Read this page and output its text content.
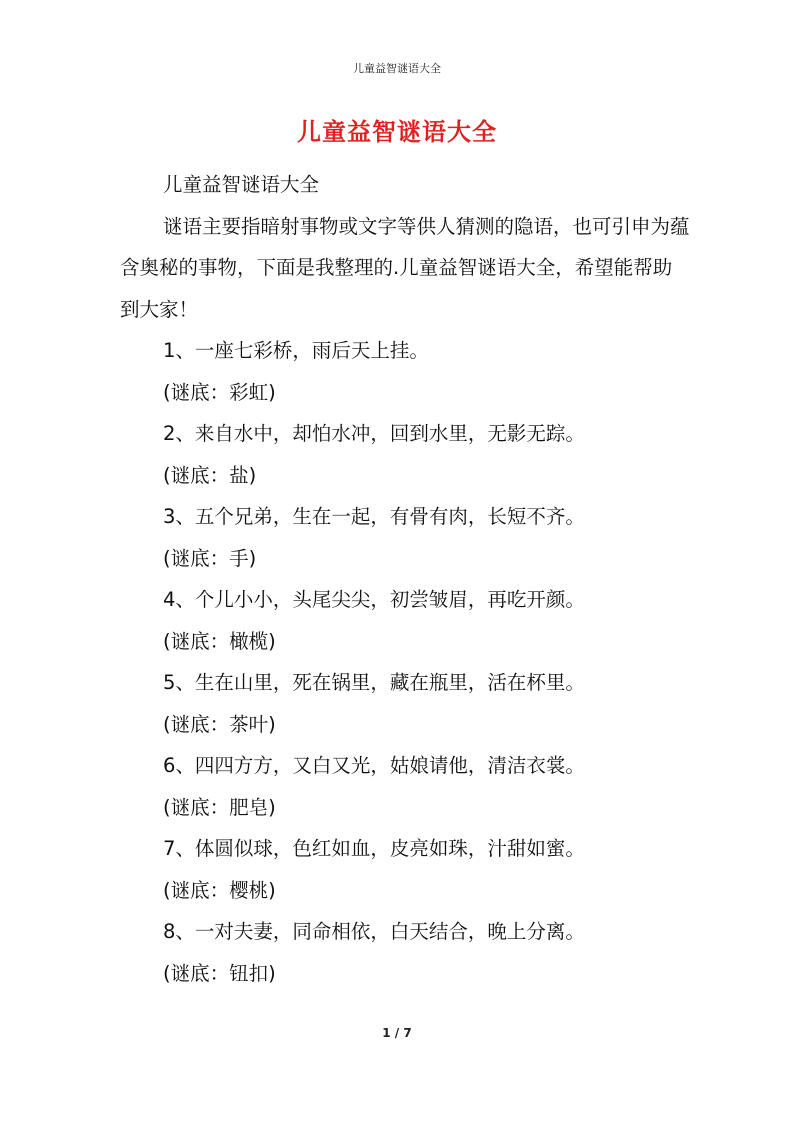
儿童益智谜语大全
儿童益智谜语大全

儿童益智谜语大全

谜语主要指暗射事物或文字等供人猜测的隐语，也可引申为蕴含奥秘的事物，下面是我整理的.儿童益智谜语大全，希望能帮助到大家！

1、一座七彩桥，雨后天上挂。

(谜底：彩虹)

2、来自水中，却怕水冲，回到水里，无影无踪。

(谜底：盐)

3、五个兄弟，生在一起，有骨有肉，长短不齐。

(谜底：手)

4、个儿小小，头尾尖尖，初尝皱眉，再吃开颜。

(谜底：橄榄)

5、生在山里，死在锅里，藏在瓶里，活在杯里。

(谜底：茶叶)

6、四四方方，又白又光，姑娘请他，清洁衣裳。

(谜底：肥皂)

7、体圆似球，色红如血，皮亮如珠，汁甜如蜜。

(谜底：樱桃)

8、一对夫妻，同命相依，白天结合，晚上分离。

(谜底：钮扣)

1 / 7
